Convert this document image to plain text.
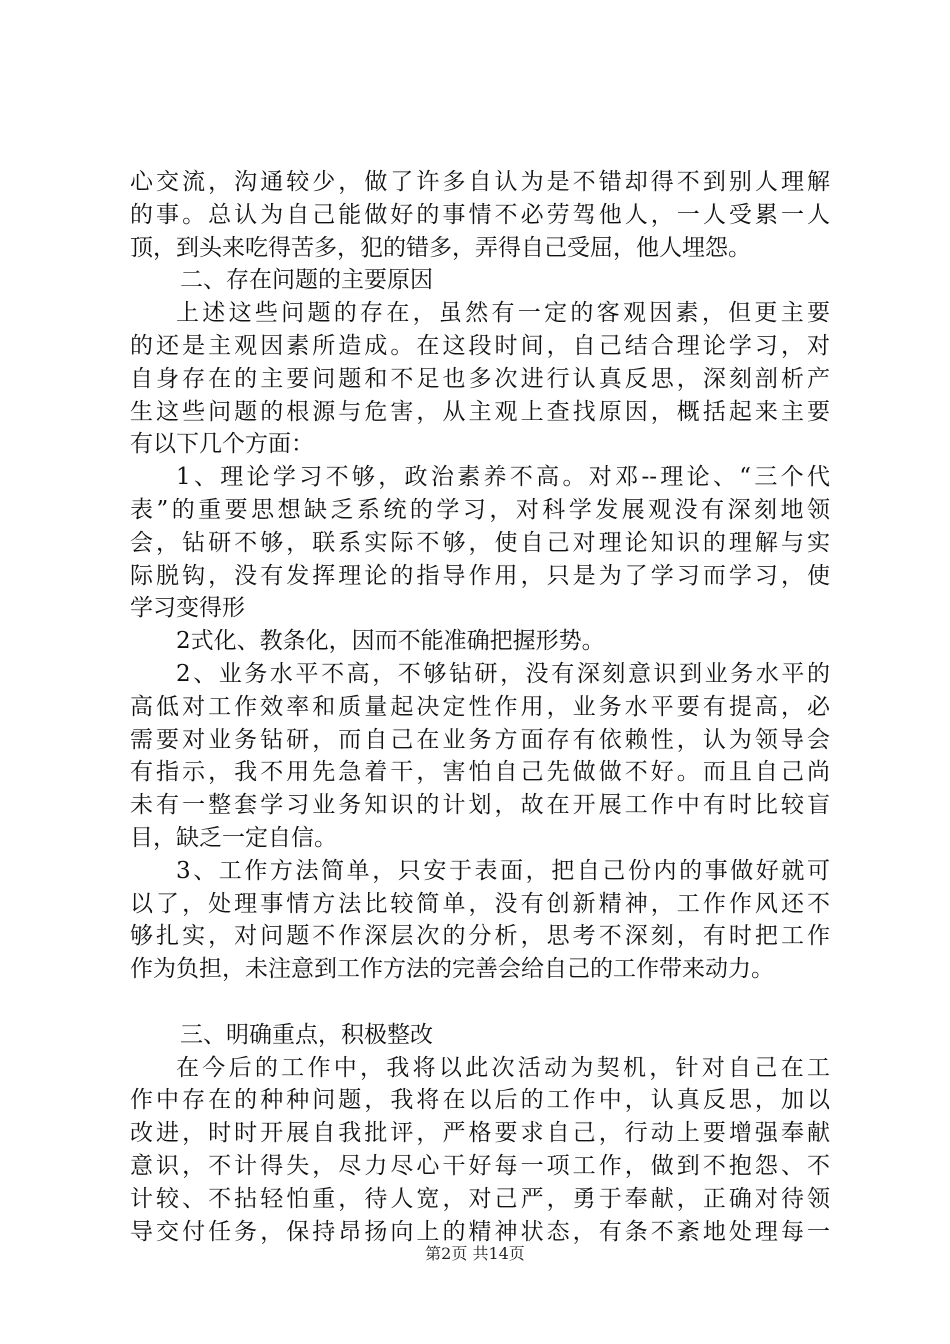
心交流，沟通较少，做了许多自认为是不错却得不到别人理解
的事。总认为自己能做好的事情不必劳驾他人，一人受累一人
顶，到头来吃得苦多，犯的错多，弄得自己受屈，他人埋怨。
二、存在问题的主要原因
上述这些问题的存在，虽然有一定的客观因素，但更主要
的还是主观因素所造成。在这段时间，自己结合理论学习，对
自身存在的主要问题和不足也多次进行认真反思，深刻剖析产
生这些问题的根源与危害，从主观上查找原因，概括起来主要
有以下几个方面：
1、理论学习不够，政治素养不高。对邓--理论、“三个代
表”的重要思想缺乏系统的学习，对科学发展观没有深刻地领
会，钻研不够，联系实际不够，使自己对理论知识的理解与实
际脱钩，没有发挥理论的指导作用，只是为了学习而学习，使
学习变得形
2式化、教条化，因而不能准确把握形势。
2、业务水平不高，不够钻研，没有深刻意识到业务水平的
高低对工作效率和质量起决定性作用，业务水平要有提高，必
需要对业务钻研，而自己在业务方面存有依赖性，认为领导会
有指示，我不用先急着干，害怕自己先做做不好。而且自己尚
未有一整套学习业务知识的计划，故在开展工作中有时比较盲
目，缺乏一定自信。
3、工作方法简单，只安于表面，把自己份内的事做好就可
以了，处理事情方法比较简单，没有创新精神，工作作风还不
够扎实，对问题不作深层次的分析，思考不深刻，有时把工作
作为负担，未注意到工作方法的完善会给自己的工作带来动力。
三、明确重点，积极整改
在今后的工作中，我将以此次活动为契机，针对自己在工
作中存在的种种问题，我将在以后的工作中，认真反思，加以
改进，时时开展自我批评，严格要求自己，行动上要增强奉献
意识，不计得失，尽力尽心干好每一项工作，做到不抱怨、不
计较、不拈轻怕重，待人宽，对己严，勇于奉献，正确对待领
导交付任务，保持昂扬向上的精神状态，有条不紊地处理每一
第2页 共14页
